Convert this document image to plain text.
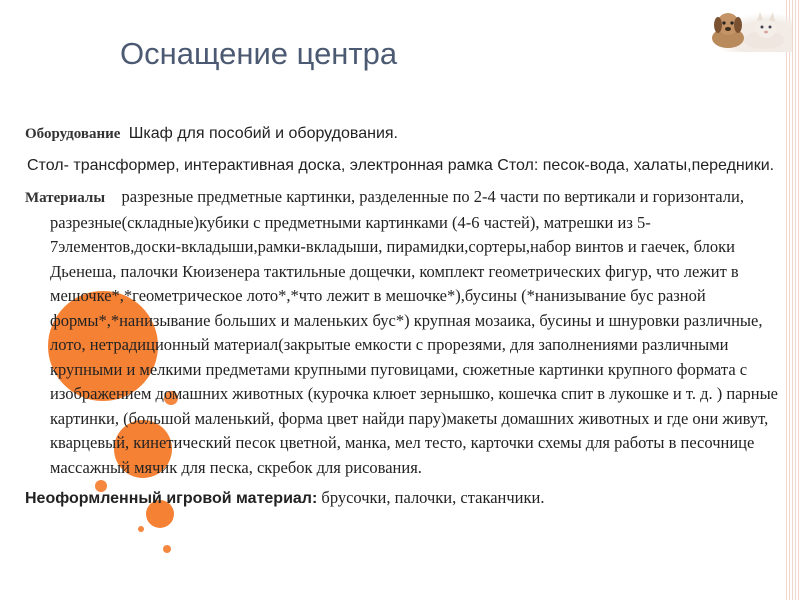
Оснащение центра

Оборудование Шкаф для пособий и оборудования.

Стол- трансформер, интерактивная доска, электронная рамка Стол: песок-вода, халаты,передники.

Материалы разрезные предметные картинки, разделенные по 2-4 части по вертикали и горизонтали, разрезные(складные)кубики с предметными картинками (4-6 частей), матрешки из 5-7элементов,доски-вкладыши,рамки-вкладыши, пирамидки,сортеры,набор винтов и гаечек, блоки Дьенеша, палочки Кюизенера тактильные дощечки, комплект геометрических фигур, что лежит в мешочке*,*геометрическое лото*,*что лежит в мешочке*),бусины (*нанизывание бус разной формы*,*нанизывание больших и маленьких бус*) крупная мозаика, бусины и шнуровки различные, лото, нетрадиционный материал(закрытые емкости с прорезями, для заполнениями различными крупными и мелкими предметами крупными пуговицами, сюжетные картинки крупного формата с изображением домашних животных (курочка клюет зернышко, кошечка спит в лукошке и т. д. ) парные картинки, (большой маленький, форма цвет найди пару)макеты домашних животных и где они живут, кварцевый, кинетический песок цветной, манка, мел тесто, карточки схемы для работы в песочнице массажный мячик для песка, скребок для рисования.

Неоформленный игровой материал: брусочки, палочки, стаканчики.
